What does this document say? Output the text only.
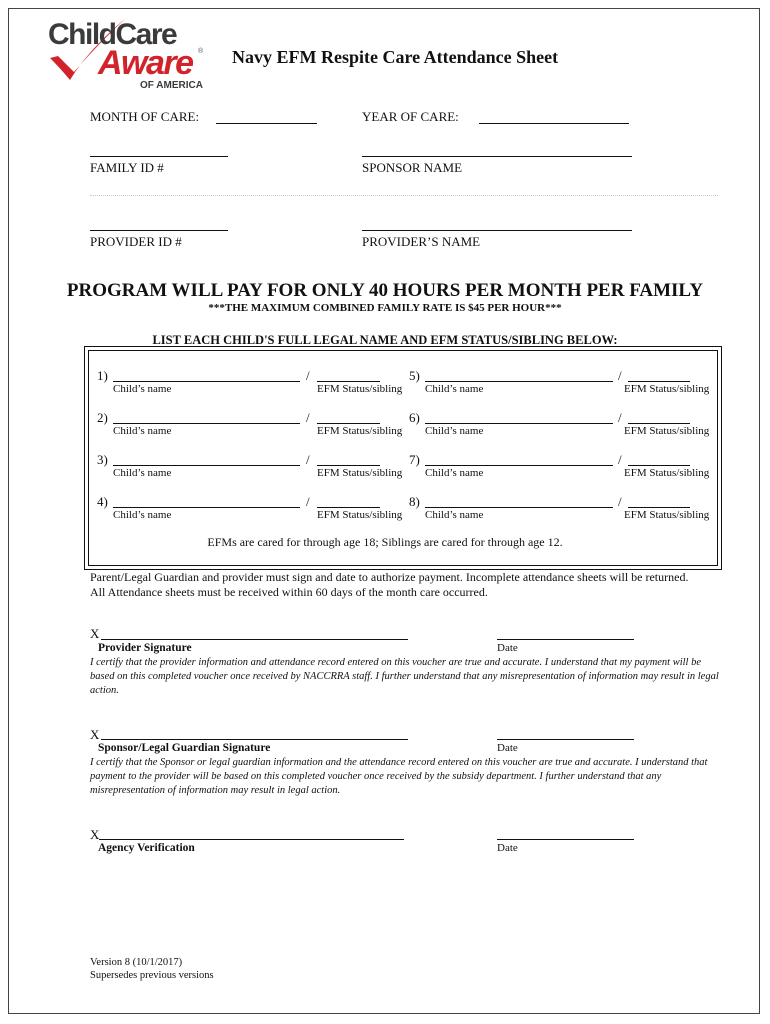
ChildCare
Aware ®
OF AMERICA
Navy EFM Respite Care Attendance Sheet
MONTH OF CARE:	YEAR OF CARE:
FAMILY ID #	SPONSOR NAME
PROVIDER ID #	PROVIDER’S NAME
PROGRAM WILL PAY FOR ONLY 40 HOURS PER MONTH PER FAMILY
***THE MAXIMUM COMBINED FAMILY RATE IS $45 PER HOUR***
LIST EACH CHILD'S FULL LEGAL NAME AND EFM STATUS/SIBLING BELOW:
1)	/
Child’s name	EFM Status/sibling
2)	/
Child’s name	EFM Status/sibling
3)	/
Child’s name	EFM Status/sibling
4)	/
Child’s name	EFM Status/sibling
5)	/
Child’s name	EFM Status/sibling
6)	/
Child’s name	EFM Status/sibling
7)	/
Child’s name	EFM Status/sibling
8)	/
Child’s name	EFM Status/sibling
EFMs are cared for through age 18; Siblings are cared for through age 12.
Parent/Legal Guardian and provider must sign and date to authorize payment. Incomplete attendance sheets will be returned. All Attendance sheets must be received within 60 days of the month care occurred.
X
Provider Signature	Date
I certify that the provider information and attendance record entered on this voucher are true and accurate. I understand that my payment will be based on this completed voucher once received by NACCRRA staff. I further understand that any misrepresentation of information may result in legal action.
X
Sponsor/Legal Guardian Signature	Date
I certify that the Sponsor or legal guardian information and the attendance record entered on this voucher are true and accurate. I understand that payment to the provider will be based on this completed voucher once received by the subsidy department. I further understand that any misrepresentation of information may result in legal action.
X
Agency Verification	Date
Version 8 (10/1/2017)
Supersedes previous versions
